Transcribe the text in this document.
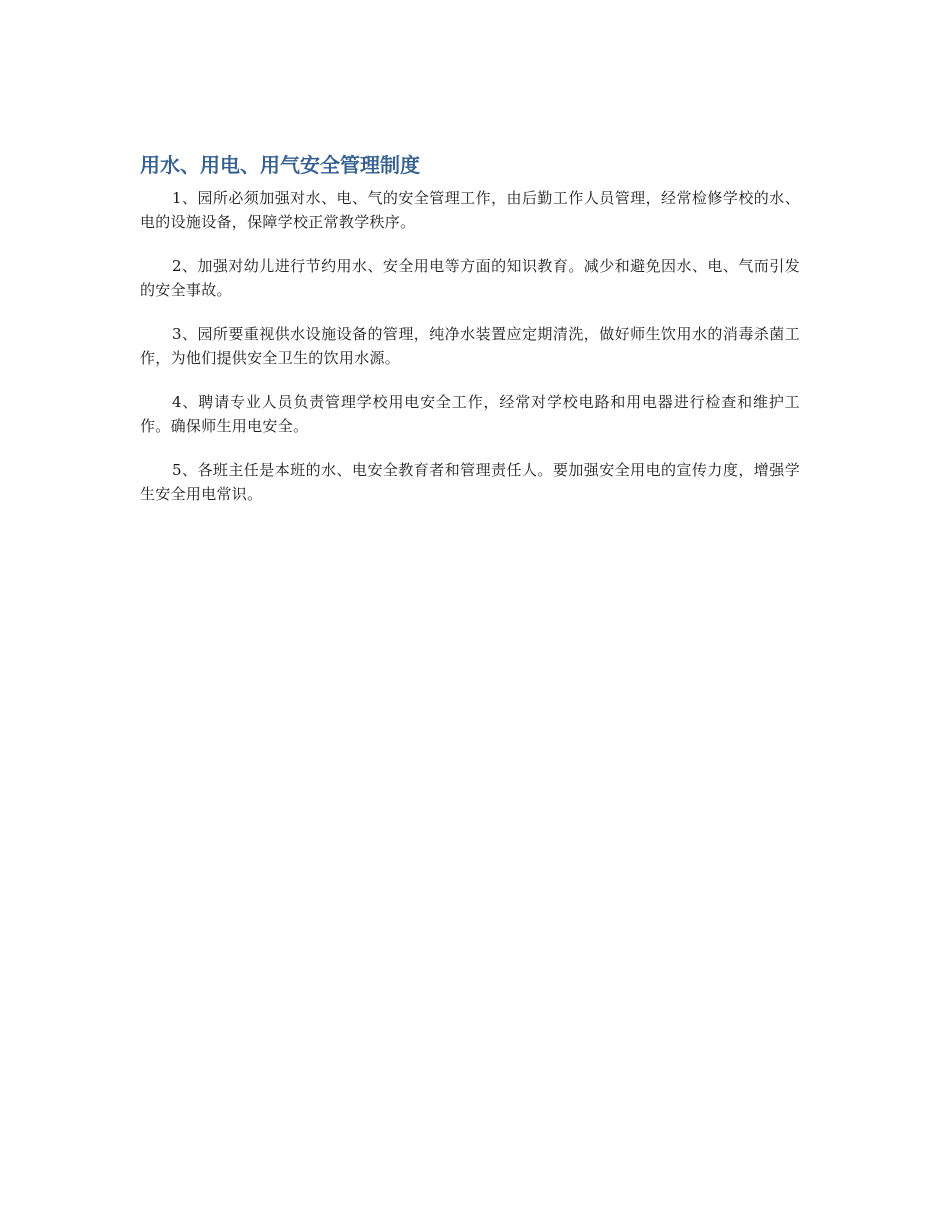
用水、用电、用气安全管理制度

1、园所必须加强对水、电、气的安全管理工作，由后勤工作人员管理，经常检修学校的水、电的设施设备，保障学校正常教学秩序。

2、加强对幼儿进行节约用水、安全用电等方面的知识教育。减少和避免因水、电、气而引发的安全事故。

3、园所要重视供水设施设备的管理，纯净水装置应定期清洗，做好师生饮用水的消毒杀菌工作，为他们提供安全卫生的饮用水源。

4、聘请专业人员负责管理学校用电安全工作，经常对学校电路和用电器进行检查和维护工作。确保师生用电安全。

5、各班主任是本班的水、电安全教育者和管理责任人。要加强安全用电的宣传力度，增强学生安全用电常识。
